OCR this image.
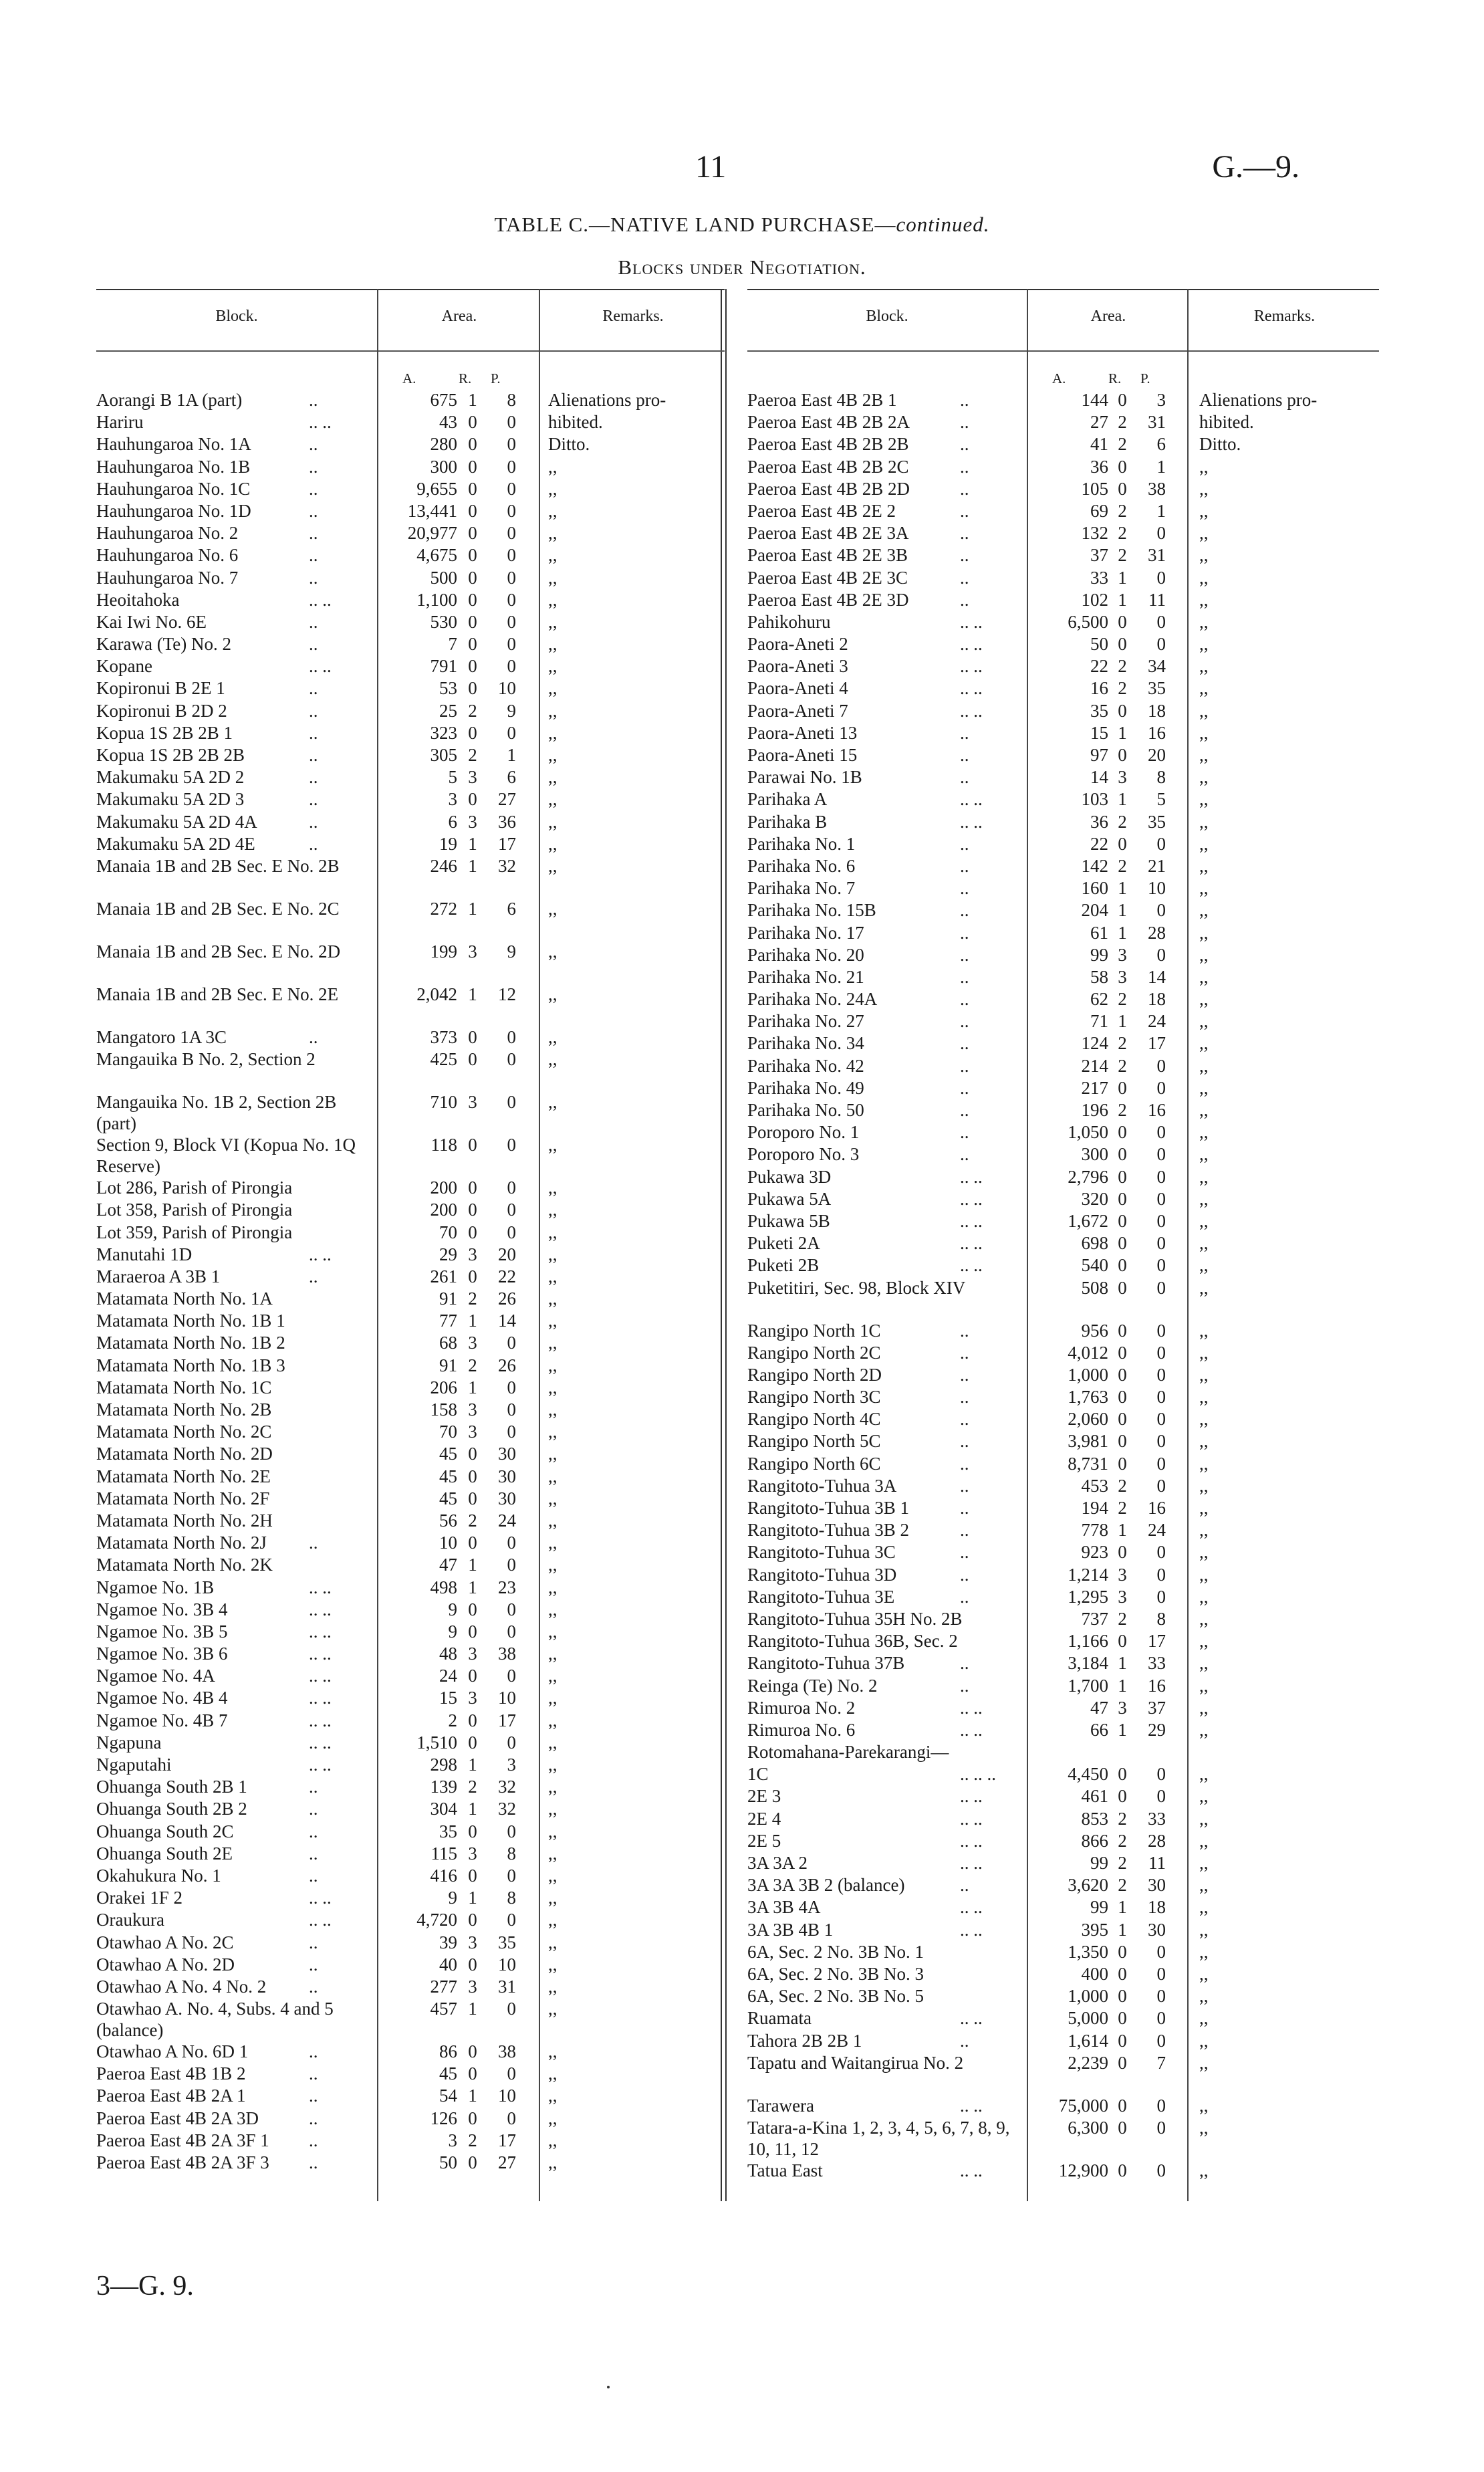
11	G.—9.
TABLE C.—NATIVE LAND PURCHASE—continued.
Blocks under Negotiation.
Block.	Area.	Remarks.
A.	R. P.
Aorangi B 1A (part)	..	675 1	8 Alienations pro-
Hariru	.. ..	43 0	0 hibited.
Hauhungaroa No. 1A	..	280 0	0 Ditto.
Hauhungaroa No. 1B	..	300 0	0 ,,
Hauhungaroa No. 1C	..	9,655 0	0 ,,
Hauhungaroa No. 1D	..	13,441 0	0 ,,
Hauhungaroa No. 2	..	20,977 0	0 ,,
Hauhungaroa No. 6	..	4,675 0	0 ,,
Hauhungaroa No. 7	..	500 0	0 ,,
Heoitahoka	.. ..	1,100 0	0 ,,
Kai Iwi No. 6E	..	530 0	0 ,,
Karawa (Te) No. 2	..	7 0	0 ,,
Kopane	.. ..	791 0	0 ,,
Kopironui B 2E 1	..	53 0	10 ,,
Kopironui B 2D 2	..	25 2	9 ,,
Kopua 1S 2B 2B 1	..	323 0	0 ,,
Kopua 1S 2B 2B 2B	..	305 2	1 ,,
Makumaku 5A 2D 2	..	5 3	6 ,,
Makumaku 5A 2D 3	..	3 0	27 ,,
Makumaku 5A 2D 4A	..	6 3	36 ,,
Makumaku 5A 2D 4E	..	19 1	17 ,,
Manaia 1B and 2B Sec. E No. 2B	246 1	32 ,,
Manaia 1B and 2B Sec. E No. 2C	272 1	6 ,,
Manaia 1B and 2B Sec. E No. 2D	199 3	9 ,,
Manaia 1B and 2B Sec. E No. 2E	2,042 1	12 ,,
Mangatoro 1A 3C	..	373 0	0 ,,
Mangauika B No. 2, Section 2	425 0	0 ,,
Mangauika No. 1B 2, Section 2B (part)
710 3	0 ,,
Section 9, Block VI (Kopua No. 1Q Reserve)
118 0	0 ,,
Lot 286, Parish of Pirongia	200 0	0 ,,
Lot 358, Parish of Pirongia	200 0	0 ,,
Lot 359, Parish of Pirongia	70 0	0 ,,
Manutahi 1D	.. ..	29 3	20 ,,
Maraeroa A 3B 1	..	261 0	22 ,,
Matamata North No. 1A	91 2	26 ,,
Matamata North No. 1B 1	77 1	14 ,,
Matamata North No. 1B 2	68 3	0 ,,
Matamata North No. 1B 3	91 2	26 ,,
Matamata North No. 1C	206 1	0 ,,
Matamata North No. 2B	158 3	0 ,,
Matamata North No. 2C	70 3	0 ,,
Matamata North No. 2D	45 0	30 ,,
Matamata North No. 2E	45 0	30 ,,
Matamata North No. 2F	45 0	30 ,,
Matamata North No. 2H	56 2	24 ,,
Matamata North No. 2J ..	10 0	0 ,,
Matamata North No. 2K	47 1	0 ,,
Ngamoe No. 1B	.. ..	498 1	23 ,,
Ngamoe No. 3B 4	.. ..	9 0	0 ,,
Ngamoe No. 3B 5	.. ..	9 0	0 ,,
Ngamoe No. 3B 6	.. ..	48 3	38 ,,
Ngamoe No. 4A	.. ..	24 0	0 ,,
Ngamoe No. 4B 4	.. ..	15 3	10 ,,
Ngamoe No. 4B 7	.. ..	2 0	17 ,,
Ngapuna	.. ..	1,510 0	0 ,,
Ngaputahi	.. ..	298 1	3 ,,
Ohuanga South 2B 1	..	139 2	32 ,,
Ohuanga South 2B 2	..	304 1	32 ,,
Ohuanga South 2C	..	35 0	0 ,,
Ohuanga South 2E	..	115 3	8 ,,
Okahukura No. 1	..	416 0	0 ,,
Orakei 1F 2	.. ..	9 1	8 ,,
Oraukura	.. ..	4,720 0	0 ,,
Otawhao A No. 2C	..	39 3	35 ,,
Otawhao A No. 2D	..	40 0	10 ,,
Otawhao A No. 4 No. 2 ..	277 3	31 ,,
Otawhao A. No. 4, Subs. 4 and 5 (balance)
457 1	0 ,,
Otawhao A No. 6D 1	..	86 0	38 ,,
Paeroa East 4B 1B 2	..	45 0	0 ,,
Paeroa East 4B 2A 1	..	54 1	10 ,,
Paeroa East 4B 2A 3D	..	126 0	0 ,,
Paeroa East 4B 2A 3F 1 ..	3 2	17 ,,
Paeroa East 4B 2A 3F 3 ..	50 0	27 ,,
Block.	Area.	Remarks.
A.	R. P.
Paeroa East 4B 2B 1	..	144 0	3 Alienations pro-
Paeroa East 4B 2B 2A	..	27 2	31 hibited.
Paeroa East 4B 2B 2B	..	41 2	6 Ditto.
Paeroa East 4B 2B 2C	..	36 0	1 ,,
Paeroa East 4B 2B 2D	..	105 0	38 ,,
Paeroa East 4B 2E 2	..	69 2	1 ,,
Paeroa East 4B 2E 3A	..	132 2	0 ,,
Paeroa East 4B 2E 3B	..	37 2	31 ,,
Paeroa East 4B 2E 3C	..	33 1	0 ,,
Paeroa East 4B 2E 3D	..	102 1	11 ,,
Pahikohuru	.. ..	6,500 0	0 ,,
Paora-Aneti 2	.. ..	50 0	0 ,,
Paora-Aneti 3	.. ..	22 2	34 ,,
Paora-Aneti 4	.. ..	16 2	35 ,,
Paora-Aneti 7	.. ..	35 0	18 ,,
Paora-Aneti 13	..	15 1	16 ,,
Paora-Aneti 15	..	97 0	20 ,,
Parawai No. 1B	..	14 3	8 ,,
Parihaka A	.. ..	103 1	5 ,,
Parihaka B	.. ..	36 2	35 ,,
Parihaka No. 1	..	22 0	0 ,,
Parihaka No. 6	..	142 2	21 ,,
Parihaka No. 7	..	160 1	10 ,,
Parihaka No. 15B	..	204 1	0 ,,
Parihaka No. 17	..	61 1	28 ,,
Parihaka No. 20	..	99 3	0 ,,
Parihaka No. 21	..	58 3	14 ,,
Parihaka No. 24A	..	62 2	18 ,,
Parihaka No. 27	..	71 1	24 ,,
Parihaka No. 34	..	124 2	17 ,,
Parihaka No. 42	..	214 2	0 ,,
Parihaka No. 49	..	217 0	0 ,,
Parihaka No. 50	..	196 2	16 ,,
Poroporo No. 1	..	1,050 0	0 ,,
Poroporo No. 3	..	300 0	0 ,,
Pukawa 3D	.. ..	2,796 0	0 ,,
Pukawa 5A	.. ..	320 0	0 ,,
Pukawa 5B	.. ..	1,672 0	0 ,,
Puketi 2A	.. ..	698 0	0 ,,
Puketi 2B	.. ..	540 0	0 ,,
Puketitiri, Sec. 98, Block XIV	508 0	0 ,,
Rangipo North 1C	..	956 0	0 ,,
Rangipo North 2C	..	4,012 0	0 ,,
Rangipo North 2D	..	1,000 0	0 ,,
Rangipo North 3C	..	1,763 0	0 ,,
Rangipo North 4C	..	2,060 0	0 ,,
Rangipo North 5C	..	3,981 0	0 ,,
Rangipo North 6C	..	8,731 0	0 ,,
Rangitoto-Tuhua 3A	..	453 2	0 ,,
Rangitoto-Tuhua 3B 1	..	194 2	16 ,,
Rangitoto-Tuhua 3B 2	..	778 1	24 ,,
Rangitoto-Tuhua 3C	..	923 0	0 ,,
Rangitoto-Tuhua 3D	..	1,214 3	0 ,,
Rangitoto-Tuhua 3E	..	1,295 3	0 ,,
Rangitoto-Tuhua 35H No. 2B	737 2	8 ,,
Rangitoto-Tuhua 36B, Sec. 2	1,166 0	17 ,,
Rangitoto-Tuhua 37B	..	3,184 1	33 ,,
Reinga (Te) No. 2	..	1,700 1	16 ,,
Rimuroa No. 2	.. ..	47 3	37 ,,
Rimuroa No. 6	.. ..	66 1	29 ,,
Rotomahana-Parekarangi—
1C	.. .. ..	4,450 0	0 ,,
2E 3	.. ..	461 0	0 ,,
2E 4	.. ..	853 2	33 ,,
2E 5	.. ..	866 2	28 ,,
3A 3A 2	.. ..	99 2	11 ,,
3A 3A 3B 2 (balance)	..	3,620 2	30 ,,
3A 3B 4A	.. ..	99 1	18 ,,
3A 3B 4B 1	.. ..	395 1	30 ,,
6A, Sec. 2 No. 3B No. 1	1,350 0	0 ,,
6A, Sec. 2 No. 3B No. 3	400 0	0 ,,
6A, Sec. 2 No. 3B No. 5	1,000 0	0 ,,
Ruamata	.. ..	5,000 0	0 ,,
Tahora 2B 2B 1	..	1,614 0	0 ,,
Tapatu and Waitangirua No. 2	2,239 0	7 ,,
Tarawera	.. ..	75,000 0	0 ,,
Tatara-a-Kina 1, 2, 3, 4, 5, 6, 7, 8, 9, 10, 11, 12
6,300 0	0 ,,
Tatua East	.. ..	12,900 0	0 ,,
3—G. 9.
